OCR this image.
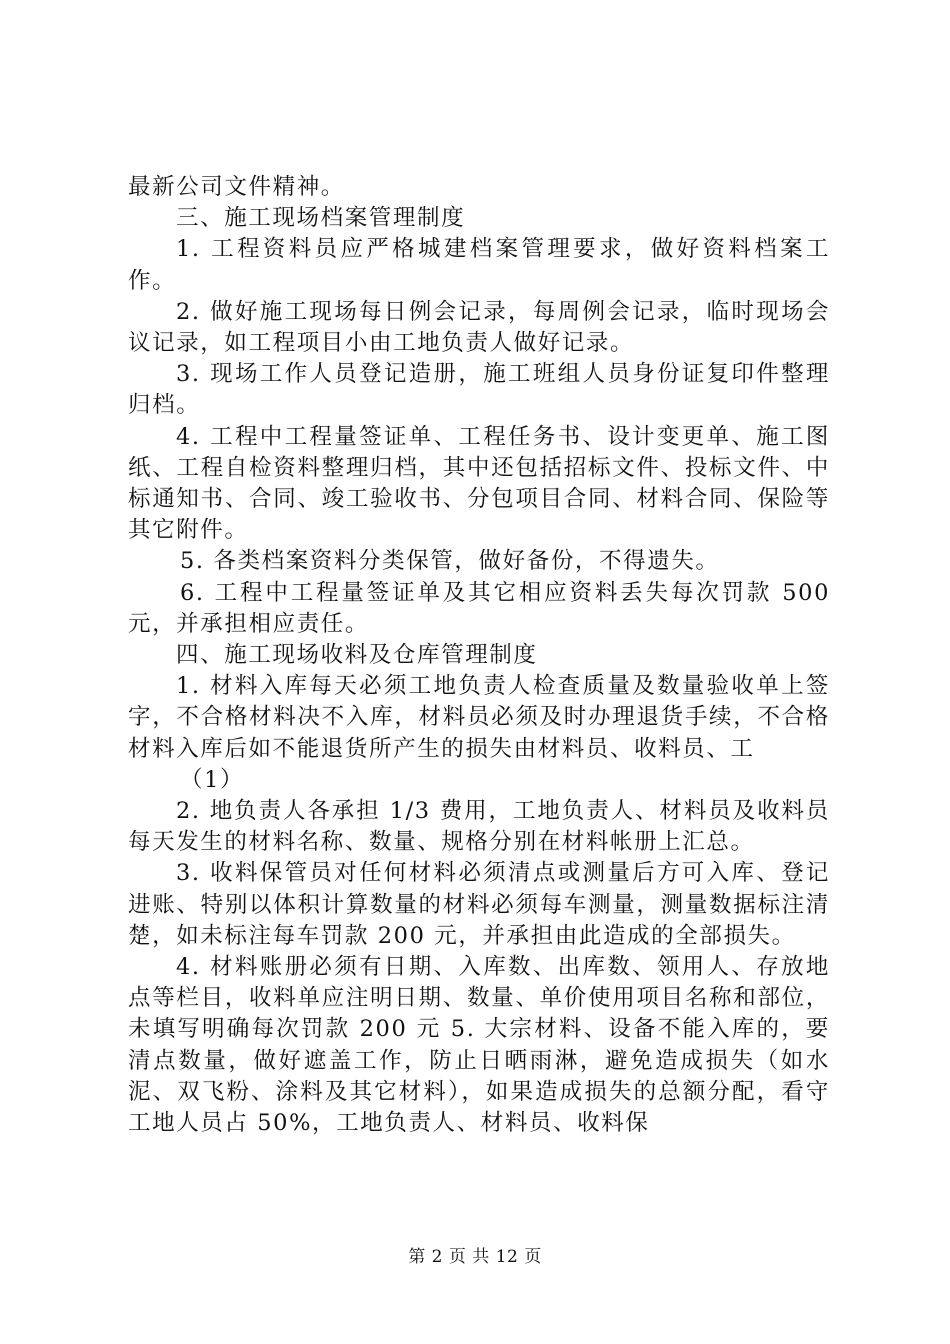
最新公司文件精神。

三、施工现场档案管理制度

1. 工程资料员应严格城建档案管理要求，做好资料档案工作。

2. 做好施工现场每日例会记录，每周例会记录，临时现场会议记录，如工程项目小由工地负责人做好记录。

3. 现场工作人员登记造册，施工班组人员身份证复印件整理归档。

4. 工程中工程量签证单、工程任务书、设计变更单、施工图纸、工程自检资料整理归档，其中还包括招标文件、投标文件、中标通知书、合同、竣工验收书、分包项目合同、材料合同、保险等其它附件。

5. 各类档案资料分类保管，做好备份，不得遗失。

6. 工程中工程量签证单及其它相应资料丢失每次罚款 500 元，并承担相应责任。

四、施工现场收料及仓库管理制度

1. 材料入库每天必须工地负责人检查质量及数量验收单上签字，不合格材料决不入库，材料员必须及时办理退货手续，不合格材料入库后如不能退货所产生的损失由材料员、收料员、工

（1）

2. 地负责人各承担 1/3 费用，工地负责人、材料员及收料员每天发生的材料名称、数量、规格分别在材料帐册上汇总。

3. 收料保管员对任何材料必须清点或测量后方可入库、登记进账、特别以体积计算数量的材料必须每车测量，测量数据标注清楚，如未标注每车罚款 200 元，并承担由此造成的全部损失。

4. 材料账册必须有日期、入库数、出库数、领用人、存放地点等栏目，收料单应注明日期、数量、单价使用项目名称和部位，未填写明确每次罚款 200 元 5. 大宗材料、设备不能入库的，要清点数量，做好遮盖工作，防止日晒雨淋，避免造成损失（如水泥、双飞粉、涂料及其它材料），如果造成损失的总额分配，看守工地人员占 50%，工地负责人、材料员、收料保

第 2 页 共 12 页
